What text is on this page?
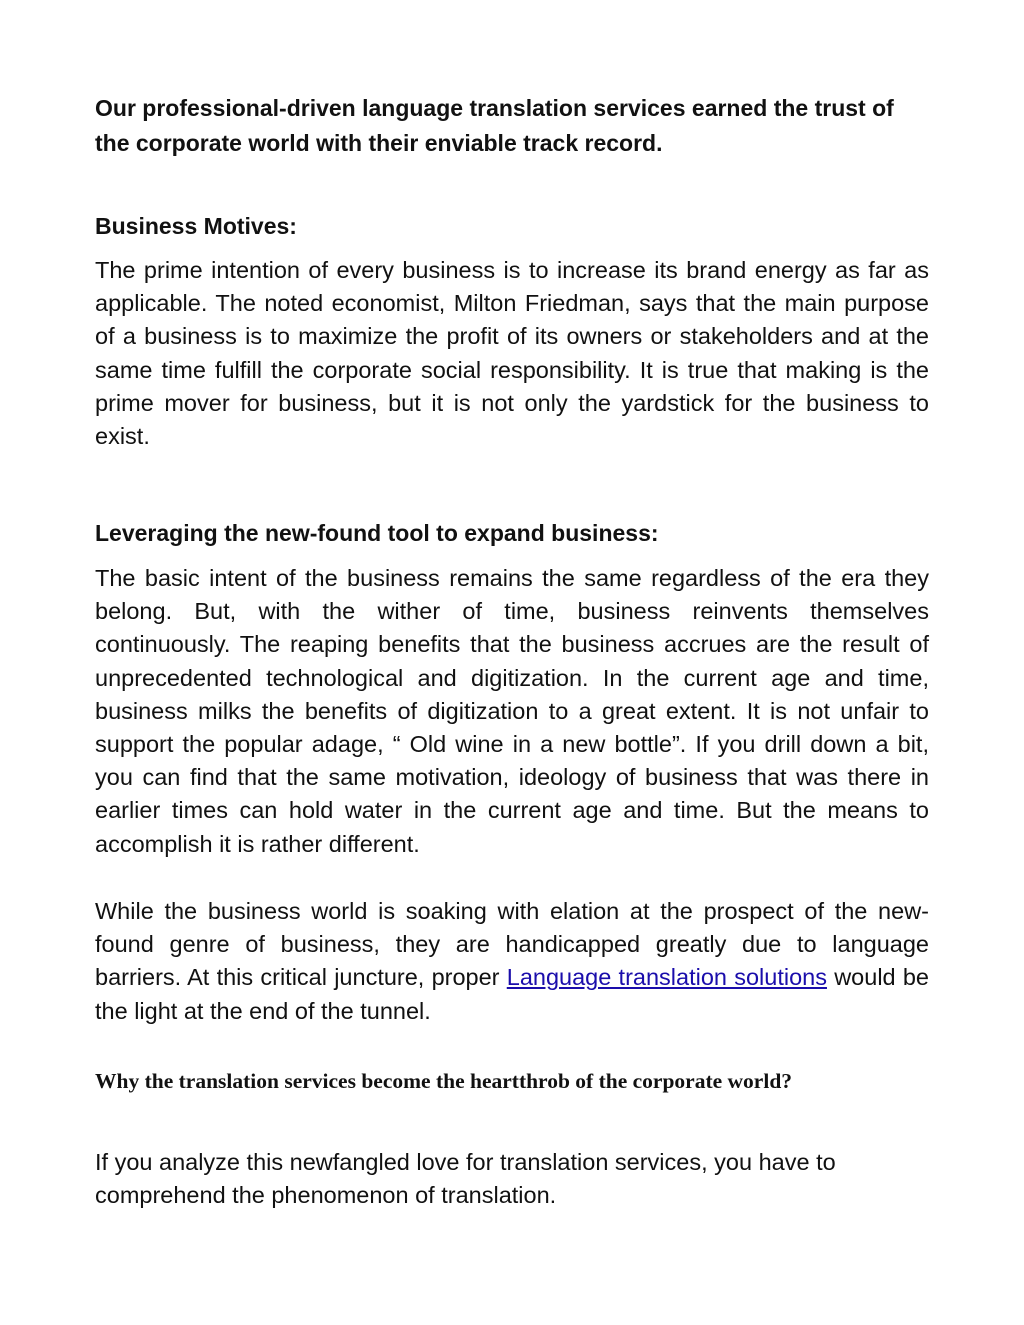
Our professional-driven language translation services earned the trust of the corporate world with their enviable track record.

Business Motives:

The prime intention of every business is to increase its brand energy as far as applicable. The noted economist, Milton Friedman, says that the main purpose of a business is to maximize the profit of its owners or stakeholders and at the same time fulfill the corporate social responsibility. It is true that making is the prime mover for business, but it is not only the yardstick for the business to exist.

Leveraging the new-found tool to expand business:

The basic intent of the business remains the same regardless of the era they belong. But, with the wither of time, business reinvents themselves continuously. The reaping benefits that the business accrues are the result of unprecedented technological and digitization. In the current age and time, business milks the benefits of digitization to a great extent. It is not unfair to support the popular adage, “ Old wine in a new bottle”. If you drill down a bit, you can find that the same motivation, ideology of business that was there in earlier times can hold water in the current age and time. But the means to accomplish it is rather different.

While the business world is soaking with elation at the prospect of the new-found genre of business, they are handicapped greatly due to language barriers. At this critical juncture, proper Language translation solutions would be the light at the end of the tunnel.

Why the translation services become the heartthrob of the corporate world?

If you analyze this newfangled love for translation services, you have to comprehend the phenomenon of translation.
